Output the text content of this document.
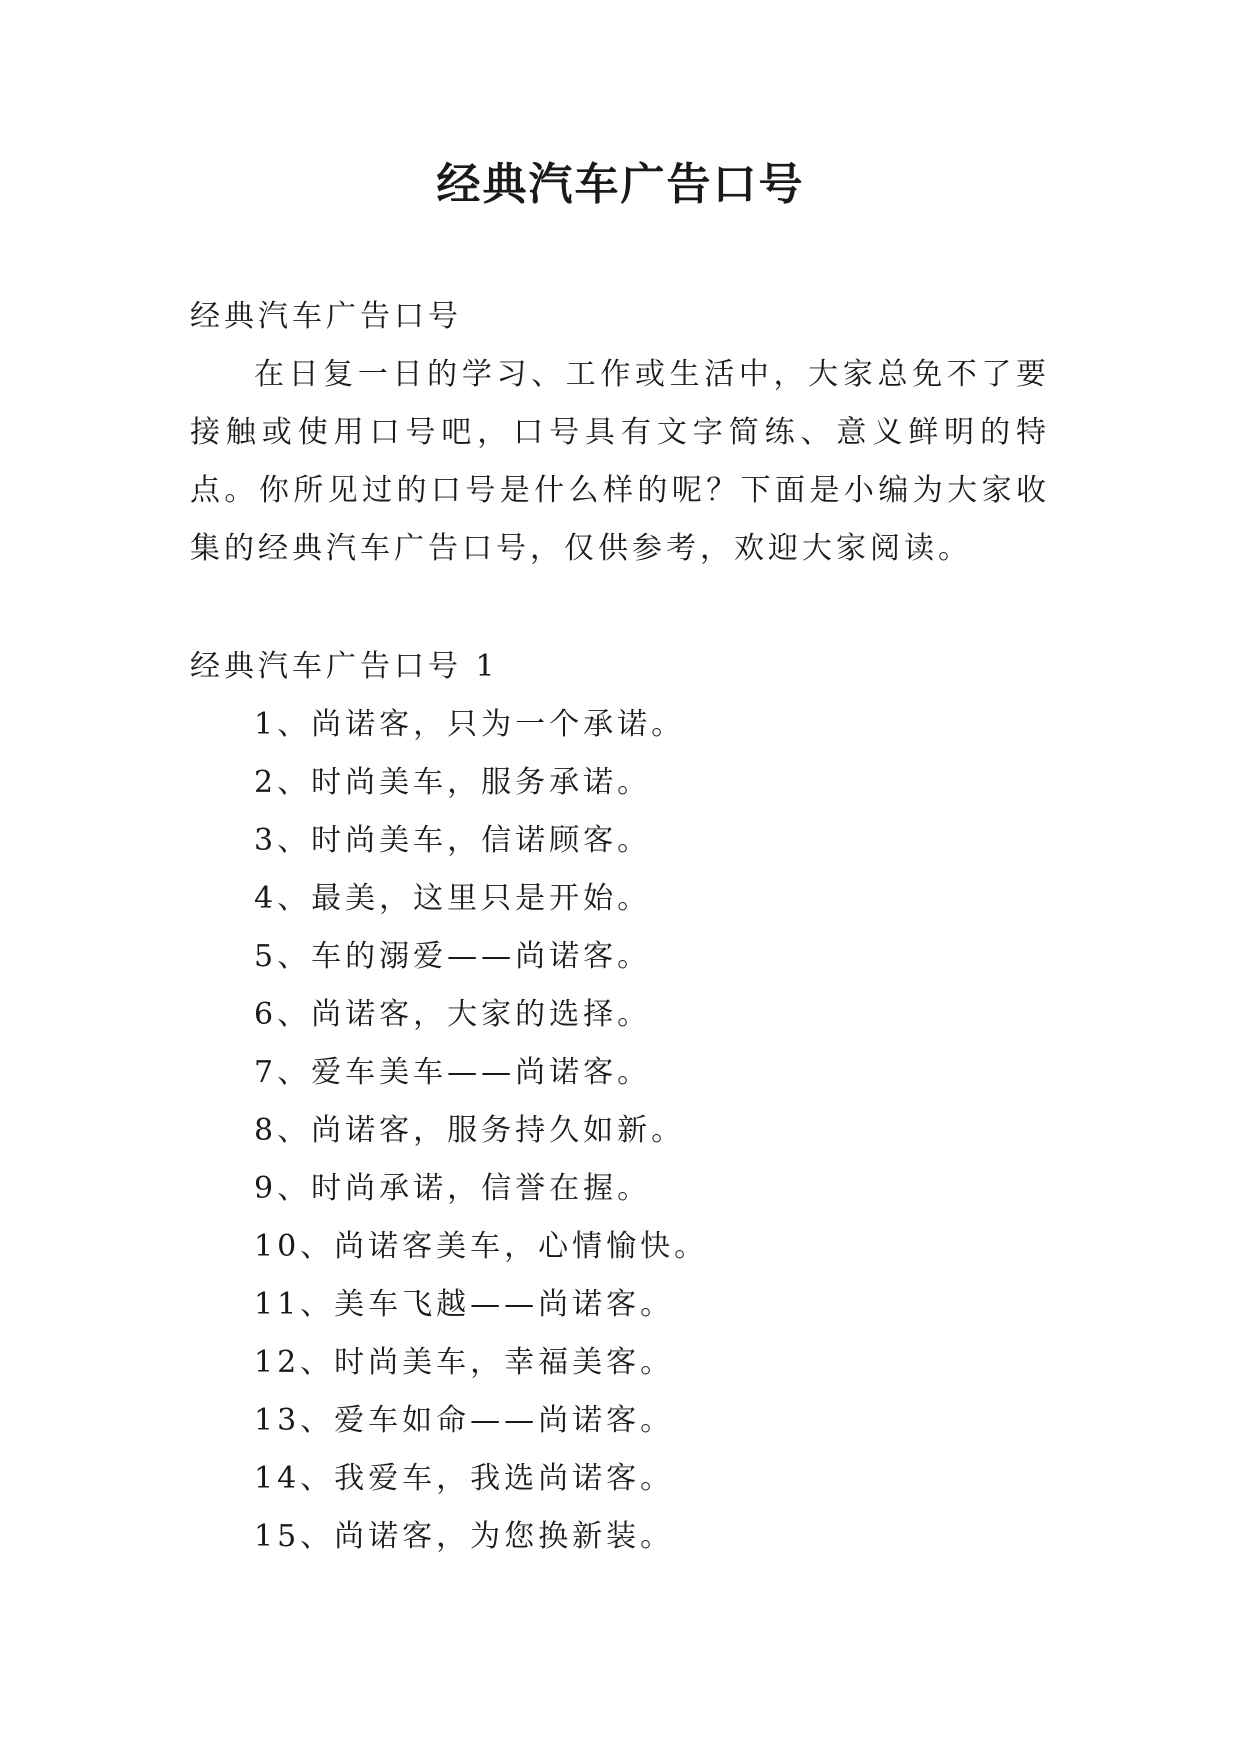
经典汽车广告口号

经典汽车广告口号

在日复一日的学习、工作或生活中，大家总免不了要接触或使用口号吧，口号具有文字简练、意义鲜明的特点。你所见过的口号是什么样的呢？下面是小编为大家收集的经典汽车广告口号，仅供参考，欢迎大家阅读。

经典汽车广告口号 1

1、尚诺客，只为一个承诺。
2、时尚美车，服务承诺。
3、时尚美车，信诺顾客。
4、最美，这里只是开始。
5、车的溺爱——尚诺客。
6、尚诺客，大家的选择。
7、爱车美车——尚诺客。
8、尚诺客，服务持久如新。
9、时尚承诺，信誉在握。
10、尚诺客美车，心情愉快。
11、美车飞越——尚诺客。
12、时尚美车，幸福美客。
13、爱车如命——尚诺客。
14、我爱车，我选尚诺客。
15、尚诺客，为您换新装。
